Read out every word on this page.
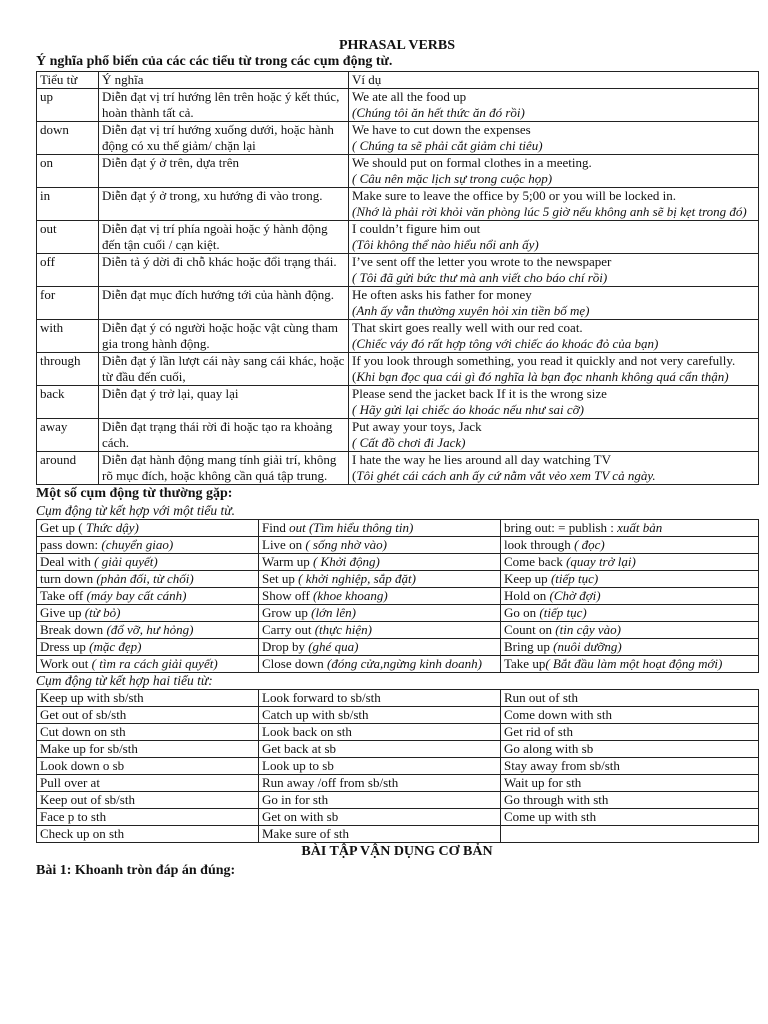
PHRASAL VERBS
Ý nghĩa phổ biến của các các tiểu từ trong các cụm động từ.
Tiểu từ	Ý nghĩa	Ví dụ
up	Diễn đạt vị trí hướng lên trên hoặc ý kết thúc, hoàn thành tất cả.	We ate all the food up
(Chúng tôi ăn hết thức ăn đó rồi)

down	Diễn đạt vị trí hướng xuống dưới, hoặc hành động có xu thế giảm/ chặn lại	We have to cut down the expenses
( Chúng ta sẽ phải cắt giảm chi tiêu)

on	Diễn đạt ý ở trên, dựa trên	We should put on formal clothes in a meeting.
( Câu nên mặc lịch sự trong cuộc họp)

in	Diễn đạt ý ở trong, xu hướng đi vào trong.	Make sure to leave the office by 5;00 or you will be locked in.
(Nhớ là phải rời khỏi văn phòng lúc 5 giờ nếu không anh sẽ bị kẹt trong đó)

out	Diễn đạt vị trí phía ngoài hoặc ý hành động đến tận cuối / cạn kiệt.	I couldn’t figure him out
(Tôi không thể nào hiểu nổi anh ấy)

off	Diễn tả ý dời đi chỗ khác hoặc đổi trạng thái.	I’ve sent off the letter you wrote to the newspaper
( Tôi đã gửi bức thư mà anh viết cho báo chí rồi)

for	Diễn đạt mục đích hướng tới của hành động.	He often asks his father for money
(Anh ấy vẫn thường xuyên hỏi xin tiền bố mẹ)

with	Diễn đạt ý có người hoặc hoặc vật cùng tham gia trong hành động.	That skirt goes really well with our red coat.
(Chiếc váy đó rất hợp tông với chiếc áo khoác đỏ của bạn)

through	Diễn đạt ý lần lượt cái này sang cái khác, hoặc từ đầu đến cuối,	If you look through something, you read it quickly and not very carefully.
(Khi bạn đọc qua cái gì đó nghĩa là bạn đọc nhanh không quá cẩn thận)

back	Diễn đạt ý trở lại, quay lại	Please send the jacket back If it is the wrong size
( Hãy gửi lại chiếc áo khoác nếu như sai cỡ)

away	Diễn đạt trạng thái rời đi hoặc tạo ra khoảng cách.	Put away your toys, Jack
( Cất đồ chơi đi Jack)

around	Diễn đạt hành động mang tính giải trí, không rõ mục đích, hoặc không cần quá tập trung.	I hate the way he lies around all day watching TV
(Tôi ghét cái cách anh ấy cứ nằm vắt vẻo xem TV cả ngày.
Một số cụm động từ thường gặp:
Cụm động từ kết hợp với một tiểu từ.
Get up ( Thức dậy)	Find out (Tìm hiểu thông tin)	bring out: = publish : xuất bản
pass down: (chuyển giao)	Live on ( sống nhờ vào)	look through ( đọc)
Deal with ( giải quyết)	Warm up ( Khởi động)	Come back (quay trở lại)
turn down (phản đối, từ chối)	Set up ( khởi nghiệp, sắp đặt)	Keep up (tiếp tục)
Take off (máy bay cất cánh)	Show off (khoe khoang)	Hold on (Chờ đợi)
Give up (từ bỏ)	Grow up (lớn lên)	Go on (tiếp tục)
Break down (đổ vỡ, hư hỏng)	Carry out (thực hiện)	Count on (tin cậy vào)
Dress up (mặc đẹp)	Drop by (ghé qua)	Bring up (nuôi dưỡng)
Work out ( tìm ra cách giải quyết)	Close down (đóng cửa,ngừng kinh doanh)	Take up( Bắt đầu làm một hoạt động mới)
Cụm động từ kết hợp hai tiểu từ:
Keep up with sb/sth	Look forward to sb/sth	Run out of sth
Get out of sb/sth	Catch up with sb/sth	Come down with sth
Cut down on sth	Look back on sth	Get rid of sth
Make up for sb/sth	Get back at sb	Go along with sb
Look down o sb	Look up to sb	Stay away from sb/sth
Pull over at	Run away /off from sb/sth	Wait up for sth
Keep out of sb/sth	Go in for sth	Go through with sth
Face p to sth	Get on with sb	Come up with sth
Check up on sth	Make sure of sth	
BÀI TẬP VẬN DỤNG CƠ BẢN
Bài 1: Khoanh tròn đáp án đúng:
